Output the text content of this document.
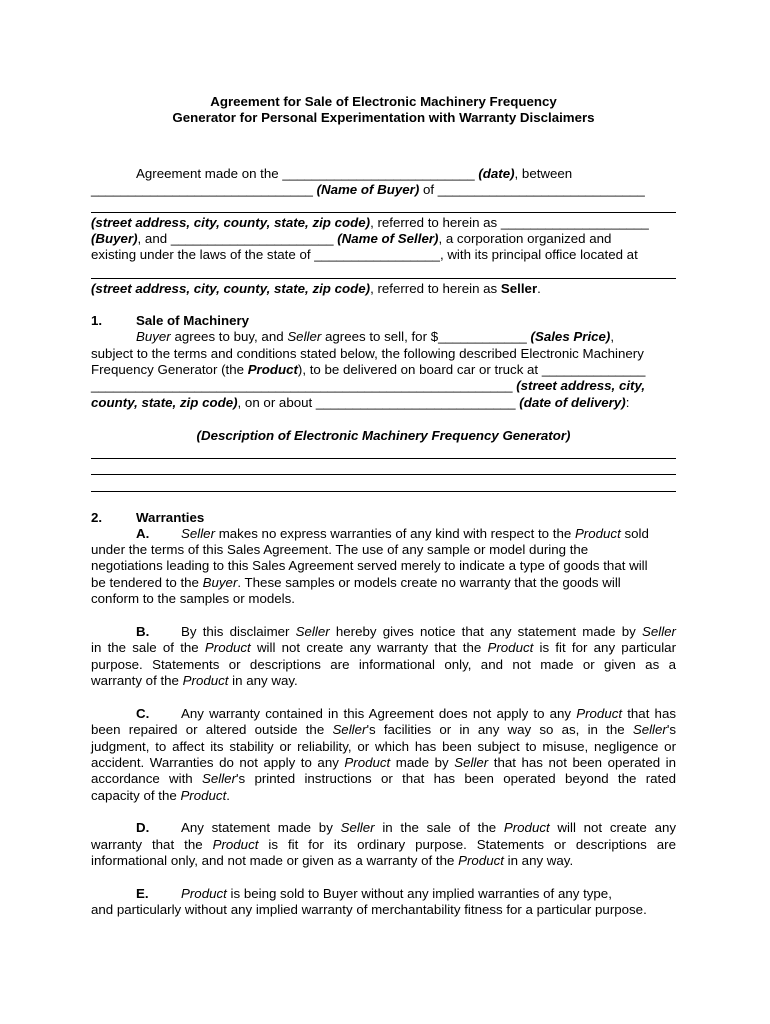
Agreement for Sale of Electronic Machinery Frequency
Generator for Personal Experimentation with Warranty Disclaimers
Agreement made on the __________________________ (date), between
______________________________ (Name of Buyer) of ____________________________
(street address, city, county, state, zip code), referred to herein as ____________________
(Buyer), and ______________________ (Name of Seller), a corporation organized and
existing under the laws of the state of _________________, with its principal office located at
(street address, city, county, state, zip code), referred to herein as Seller.
1.	Sale of Machinery
Buyer agrees to buy, and Seller agrees to sell, for $____________ (Sales Price),
subject to the terms and conditions stated below, the following described Electronic Machinery
Frequency Generator (the Product), to be delivered on board car or truck at ______________
_________________________________________________________ (street address, city,
county, state, zip code), on or about ___________________________ (date of delivery):
(Description of Electronic Machinery Frequency Generator)
2.	Warranties
A. Seller makes no express warranties of any kind with respect to the Product sold
under the terms of this Sales Agreement. The use of any sample or model during the
negotiations leading to this Sales Agreement served merely to indicate a type of goods that will
be tendered to the Buyer. These samples or models create no warranty that the goods will
conform to the samples or models.
B. By this disclaimer Seller hereby gives notice that any statement made by Seller
in the sale of the Product will not create any warranty that the Product is fit for any particular
purpose. Statements or descriptions are informational only, and not made or given as a
warranty of the Product in any way.
C. Any warranty contained in this Agreement does not apply to any Product that has
been repaired or altered outside the Seller's facilities or in any way so as, in the Seller's
judgment, to affect its stability or reliability, or which has been subject to misuse, negligence or
accident. Warranties do not apply to any Product made by Seller that has not been operated in
accordance with Seller's printed instructions or that has been operated beyond the rated
capacity of the Product.
D. Any statement made by Seller in the sale of the Product will not create any
warranty that the Product is fit for its ordinary purpose. Statements or descriptions are
informational only, and not made or given as a warranty of the Product in any way.
E. Product is being sold to Buyer without any implied warranties of any type,
and particularly without any implied warranty of merchantability fitness for a particular purpose.
